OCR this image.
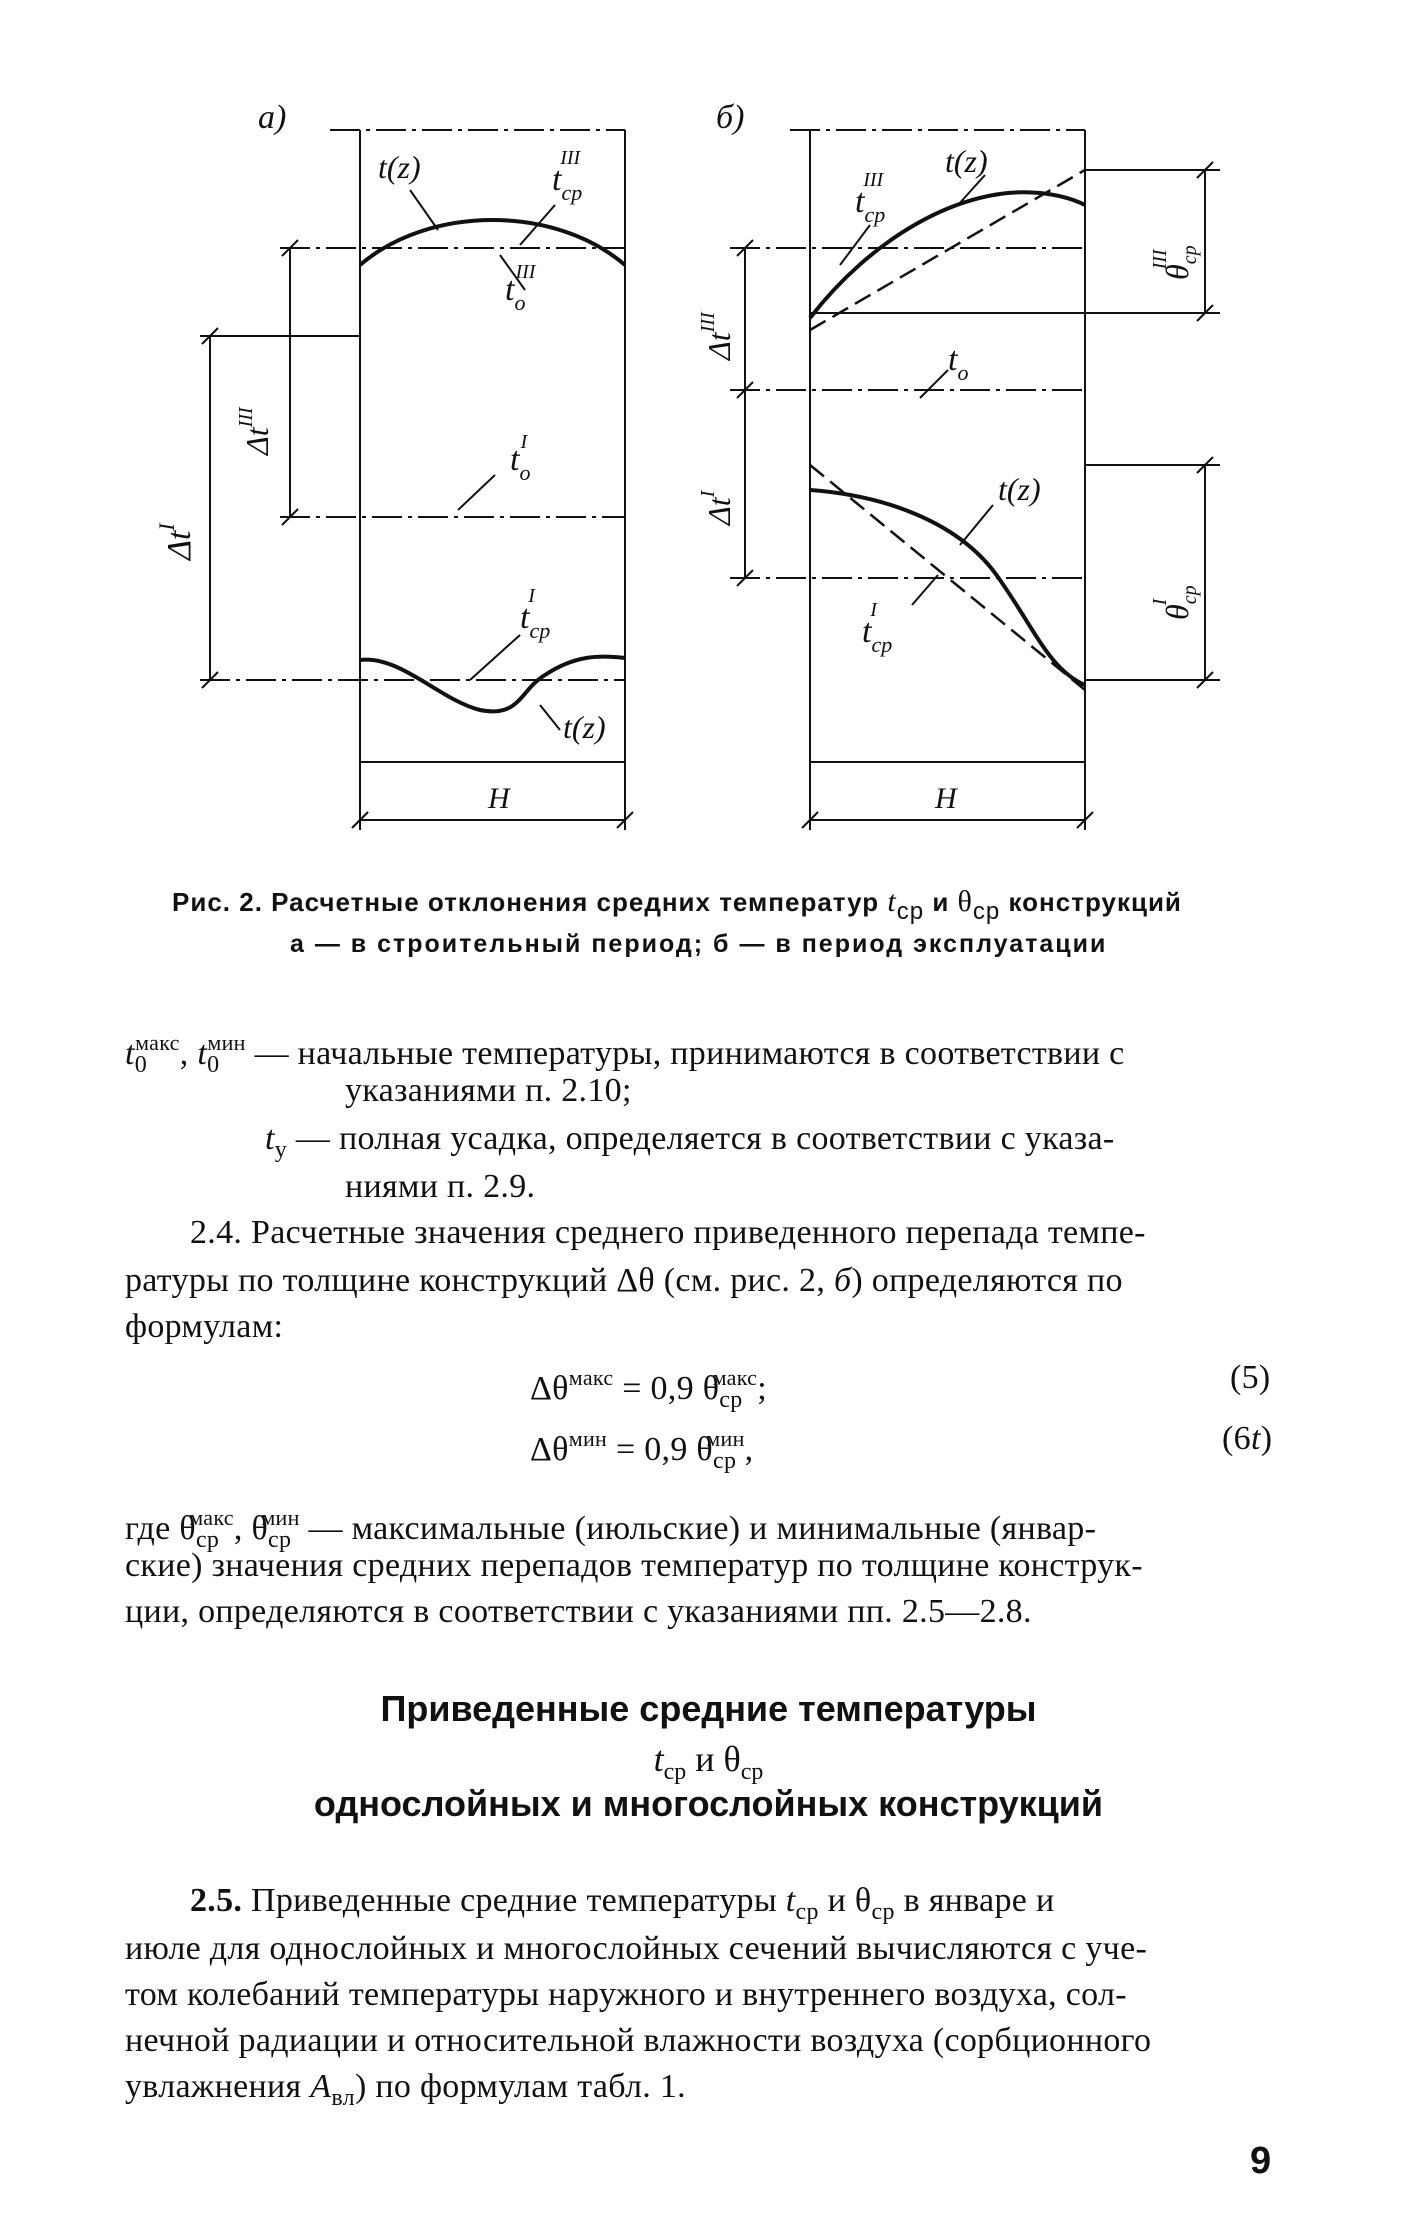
а)
t(z)	$t_{cp}III$
$t_oIII$
$t_oI$
$t_{cp}I$
t(z)
H
$\Delta t^{III}$
$\Delta t^I$
б)
t(z)
$t_{cp}III$
$t_o$
t(z)
$t_{cp}I$
H
$\Delta t^{III}$
$\Delta t^I$
$\theta_{cp}III$
$\theta_{cp}I$
Рис. 2. Расчетные отклонения средних температур tср и θср конструкций
а — в строительный период; б — в период эксплуатации
$t_0^{макс}$, $t_0^{мин}$ — начальные температуры, принимаются в соответствии с
указаниями п. 2.10;
$t_у$ — полная усадка, определяется в соответствии с указа-
ниями п. 2.9.
2.4. Расчетные значения среднего приведенного перепада темпе-
ратуры по толщине конструкций Δθ (см. рис. 2, б) определяются по
формулам:
$\Delta\theta^{макс} = 0,9$ $\theta_{ср}^{макс}$;	(5)
$\Delta\theta^{мин} = 0,9$ $\theta_{ср}^{мин}$,	(6t)
где $\theta_{ср}^{макс}$, $\theta_{ср}^{мин}$ — максимальные (июльские) и минимальные (январ-
ские) значения средних перепадов температур по толщине конструк-
ции, определяются в соответствии с указаниями пп. 2.5—2.8.
Приведенные средние температуры
$t_{ср}$ и $\theta_{ср}$
однослойных и многослойных конструкций
2.5. Приведенные средние температуры $t_{ср}$ и $\theta_{ср}$ в январе и
июле для однослойных и многослойных сечений вычисляются с уче-
том колебаний температуры наружного и внутреннего воздуха, сол-
нечной радиации и относительной влажности воздуха (сорбционного
увлажнения $A_{вл}$) по формулам табл. 1.
9
